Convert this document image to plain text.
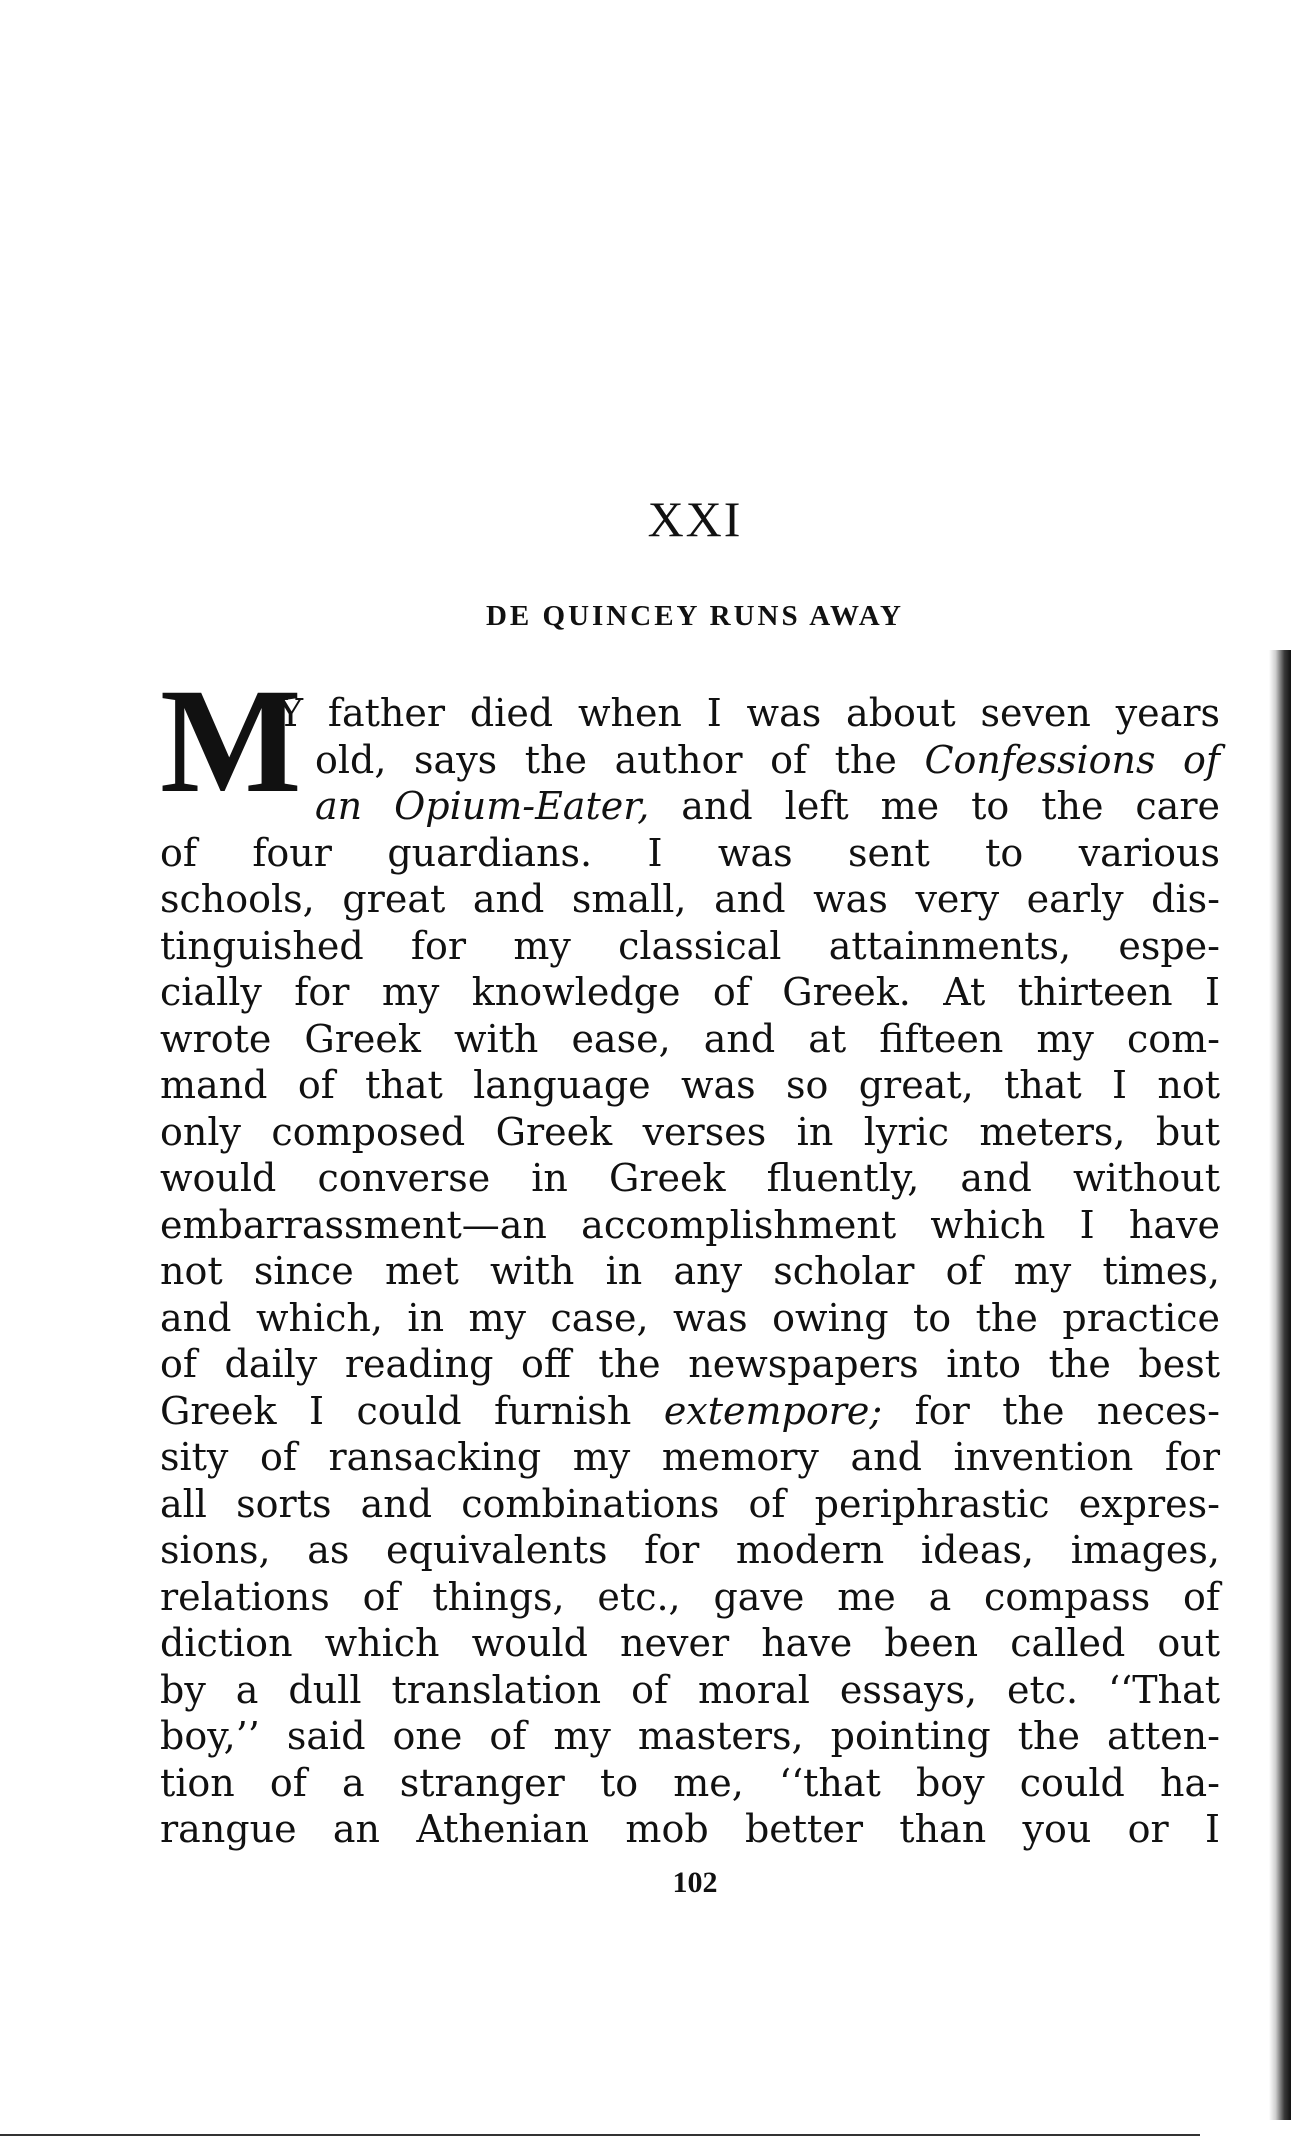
XXI
DE QUINCEY RUNS AWAY
M
Y father died when I was about seven years
old, says the author of the Confessions of
an Opium-Eater, and left me to the care
of four guardians. I was sent to various
schools, great and small, and was very early dis-
tinguished for my classical attainments, espe-
cially for my knowledge of Greek. At thirteen I
wrote Greek with ease, and at fifteen my com-
mand of that language was so great, that I not
only composed Greek verses in lyric meters, but
would converse in Greek fluently, and without
embarrassment—an accomplishment which I have
not since met with in any scholar of my times,
and which, in my case, was owing to the practice
of daily reading off the newspapers into the best
Greek I could furnish extempore; for the neces-
sity of ransacking my memory and invention for
all sorts and combinations of periphrastic expres-
sions, as equivalents for modern ideas, images,
relations of things, etc., gave me a compass of
diction which would never have been called out
by a dull translation of moral essays, etc. ‘‘That
boy,’’ said one of my masters, pointing the atten-
tion of a stranger to me, ‘‘that boy could ha-
rangue an Athenian mob better than you or I
102
